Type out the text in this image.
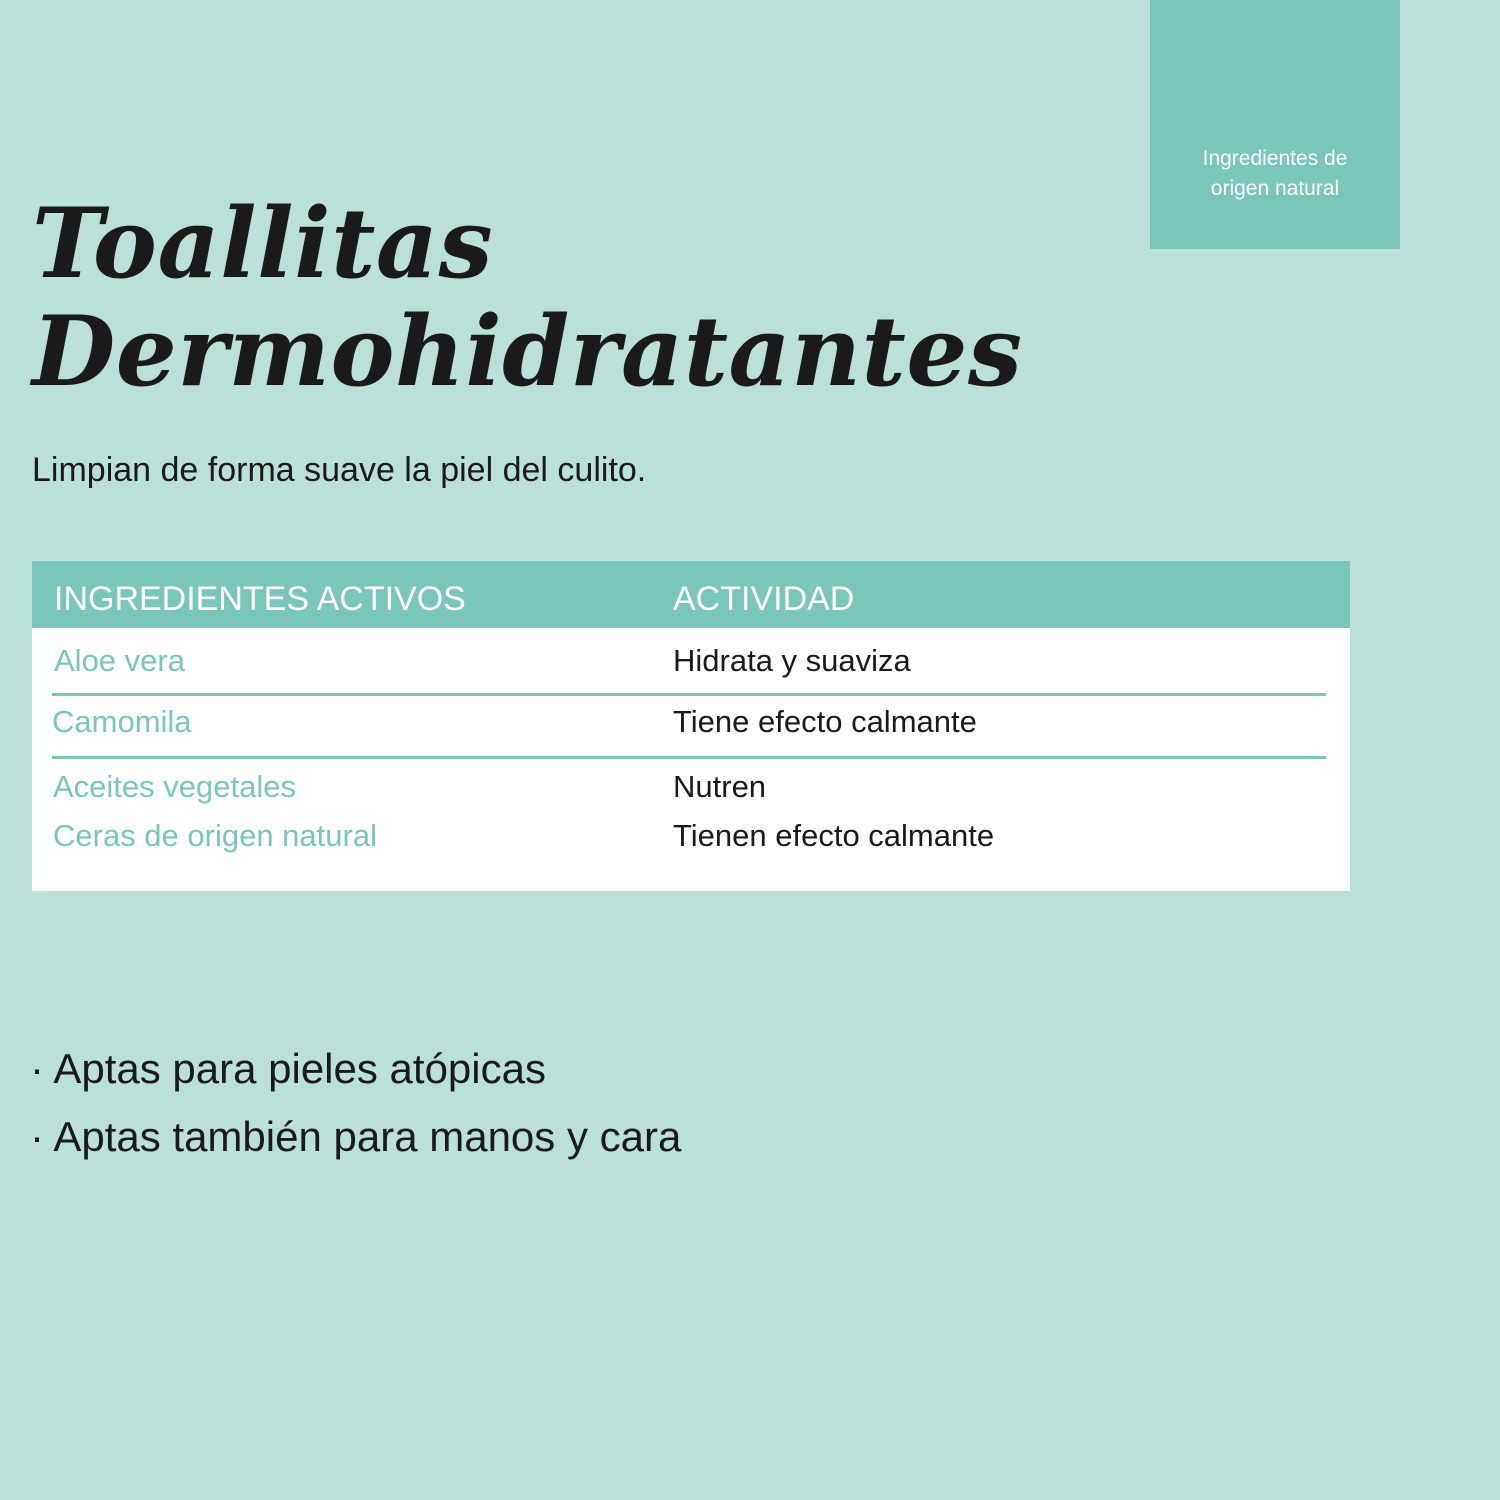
Ingredientes de
origen natural
Toallitas
Dermohidratantes

Limpian de forma suave la piel del culito.

INGREDIENTES ACTIVOS	ACTIVIDAD
Aloe vera	Hidrata y suaviza
Camomila	Tiene efecto calmante
Aceites vegetales	Nutren
Ceras de origen natural	Tienen efecto calmante
· Aptas para pieles atópicas
· Aptas también para manos y cara
